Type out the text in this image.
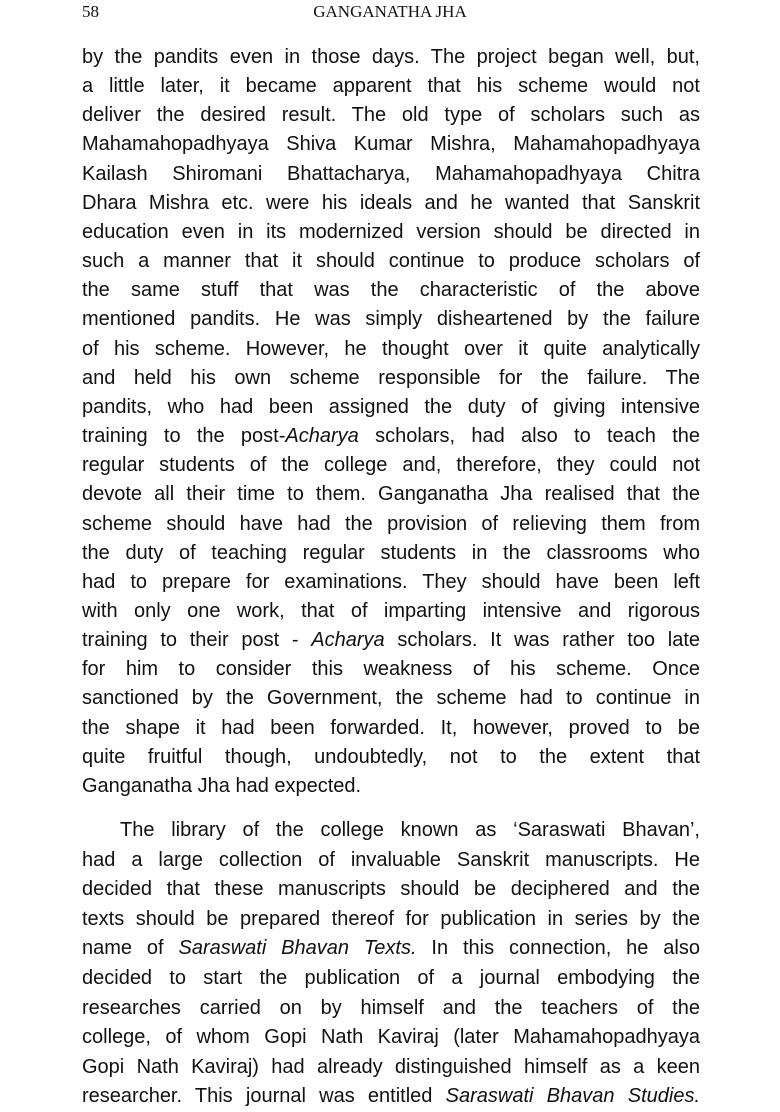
58	GANGANATHA JHA
by the pandits even in those days. The project began well, but,
a little later, it became apparent that his scheme would not
deliver the desired result. The old type of scholars such as
Mahamahopadhyaya Shiva Kumar Mishra, Mahamahopadhyaya
Kailash Shiromani Bhattacharya, Mahamahopadhyaya Chitra
Dhara Mishra etc. were his ideals and he wanted that Sanskrit
education even in its modernized version should be directed in
such a manner that it should continue to produce scholars of
the same stuff that was the characteristic of the above
mentioned pandits. He was simply disheartened by the failure
of his scheme. However, he thought over it quite analytically
and held his own scheme responsible for the failure. The
pandits, who had been assigned the duty of giving intensive
training to the post-Acharya scholars, had also to teach the
regular students of the college and, therefore, they could not
devote all their time to them. Ganganatha Jha realised that the
scheme should have had the provision of relieving them from
the duty of teaching regular students in the classrooms who
had to prepare for examinations. They should have been left
with only one work, that of imparting intensive and rigorous
training to their post - Acharya scholars. It was rather too late
for him to consider this weakness of his scheme. Once
sanctioned by the Government, the scheme had to continue in
the shape it had been forwarded. It, however, proved to be
quite fruitful though, undoubtedly, not to the extent that
Ganganatha Jha had expected.
The library of the college known as ‘Saraswati Bhavan’,
had a large collection of invaluable Sanskrit manuscripts. He
decided that these manuscripts should be deciphered and the
texts should be prepared thereof for publication in series by the
name of Saraswati Bhavan Texts. In this connection, he also
decided to start the publication of a journal embodying the
researches carried on by himself and the teachers of the
college, of whom Gopi Nath Kaviraj (later Mahamahopadhyaya
Gopi Nath Kaviraj) had already distinguished himself as a keen
researcher. This journal was entitled Saraswati Bhavan Studies.
